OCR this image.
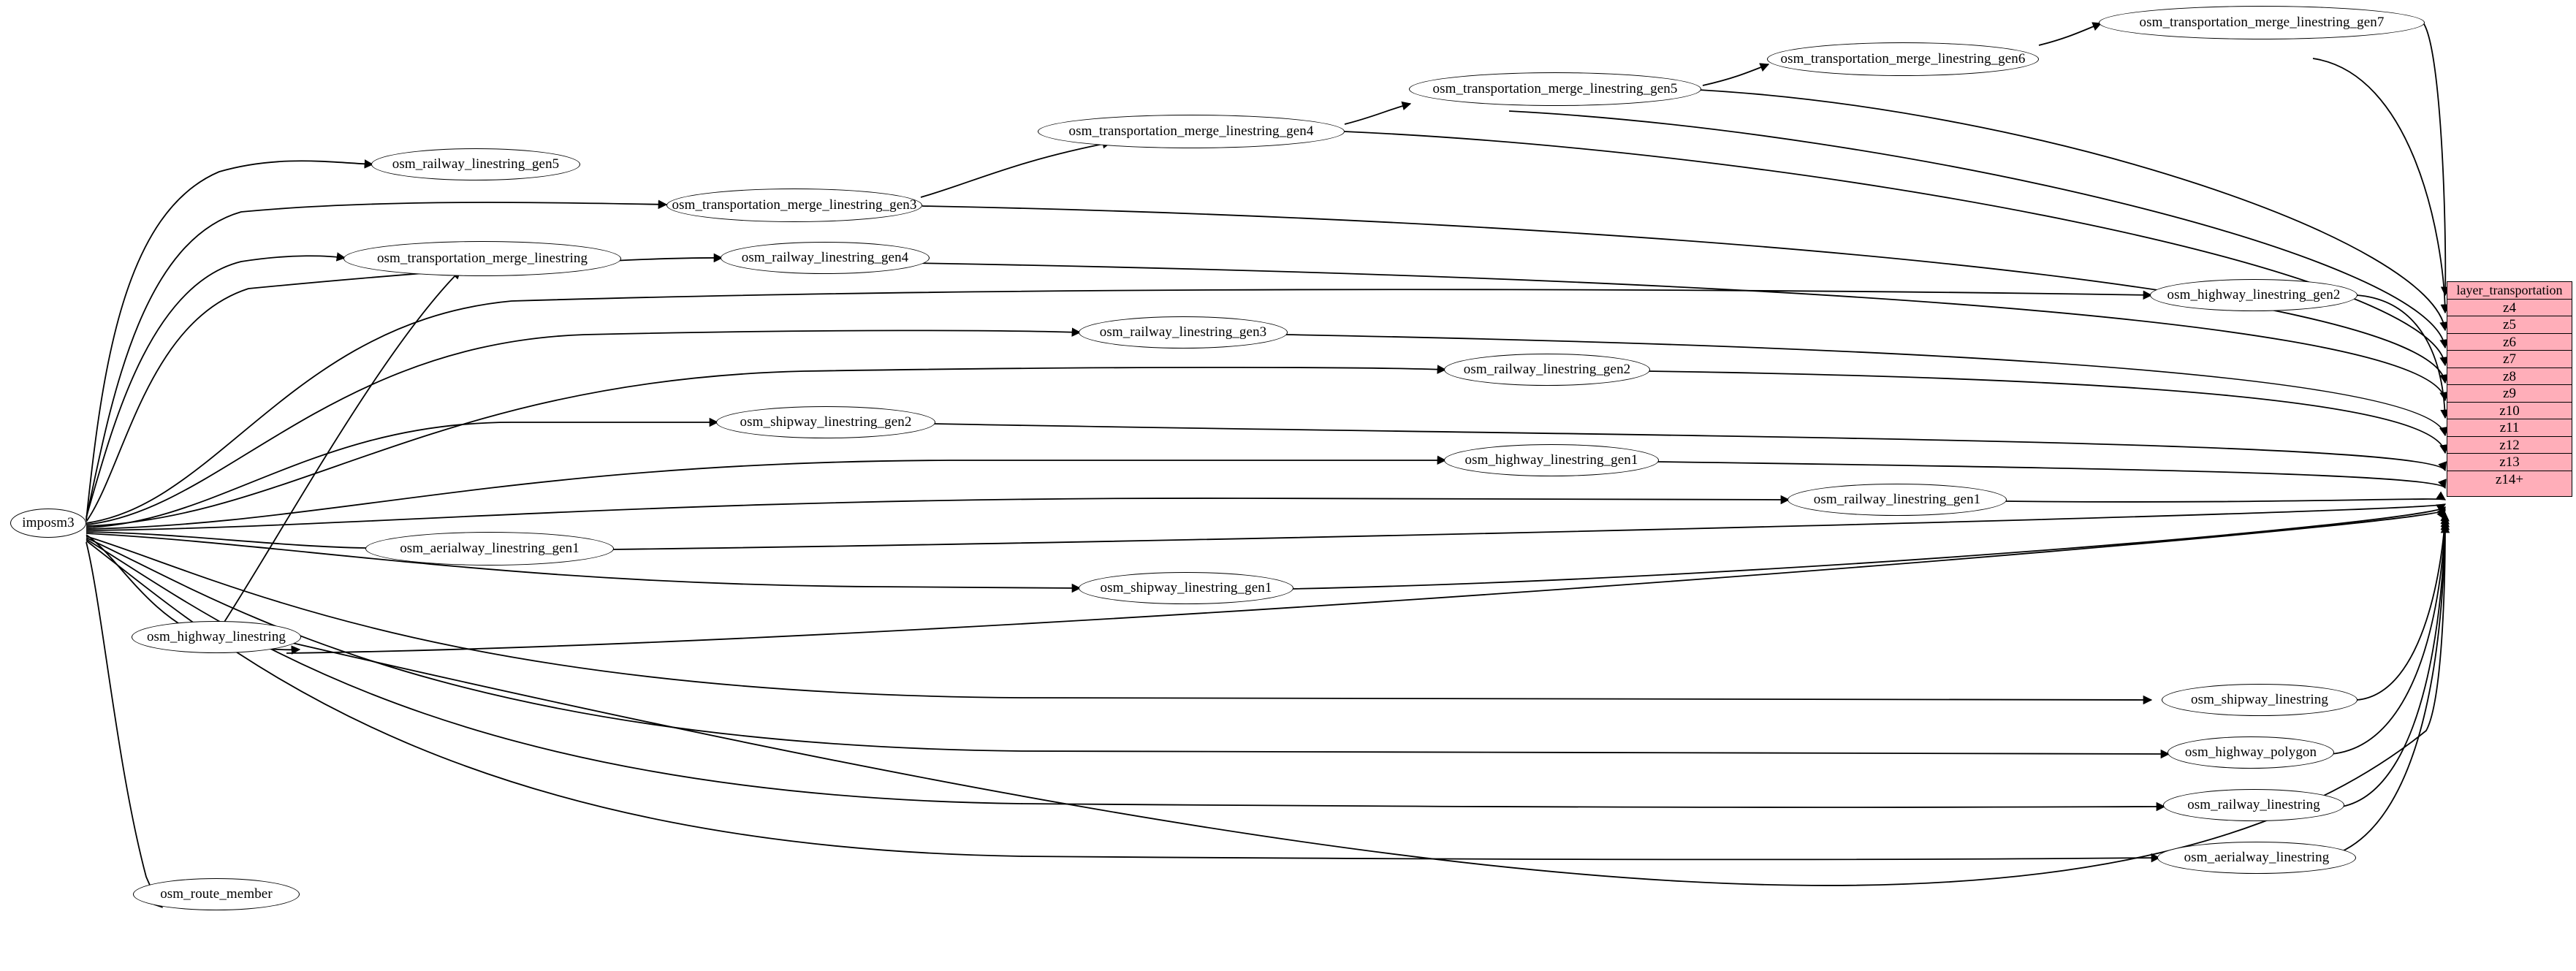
imposm3
layer_transportation
z4
z5
z6
z7
z8
z9
z10
z11
z12
z13
z14+
osm_railway_linestring_gen5
osm_transportation_merge_linestring_gen7
osm_transportation_merge_linestring_gen6
osm_transportation_merge_linestring_gen5
osm_transportation_merge_linestring_gen4
osm_transportation_merge_linestring_gen3
osm_transportation_merge_linestring	osm_railway_linestring_gen4
osm_highway_linestring_gen2
osm_railway_linestring_gen3
osm_railway_linestring_gen2
osm_shipway_linestring_gen2
osm_highway_linestring_gen1
osm_railway_linestring_gen1
osm_aerialway_linestring_gen1
osm_shipway_linestring_gen1
osm_highway_linestring
osm_shipway_linestring
osm_highway_polygon
osm_railway_linestring
osm_aerialway_linestring
osm_route_member
